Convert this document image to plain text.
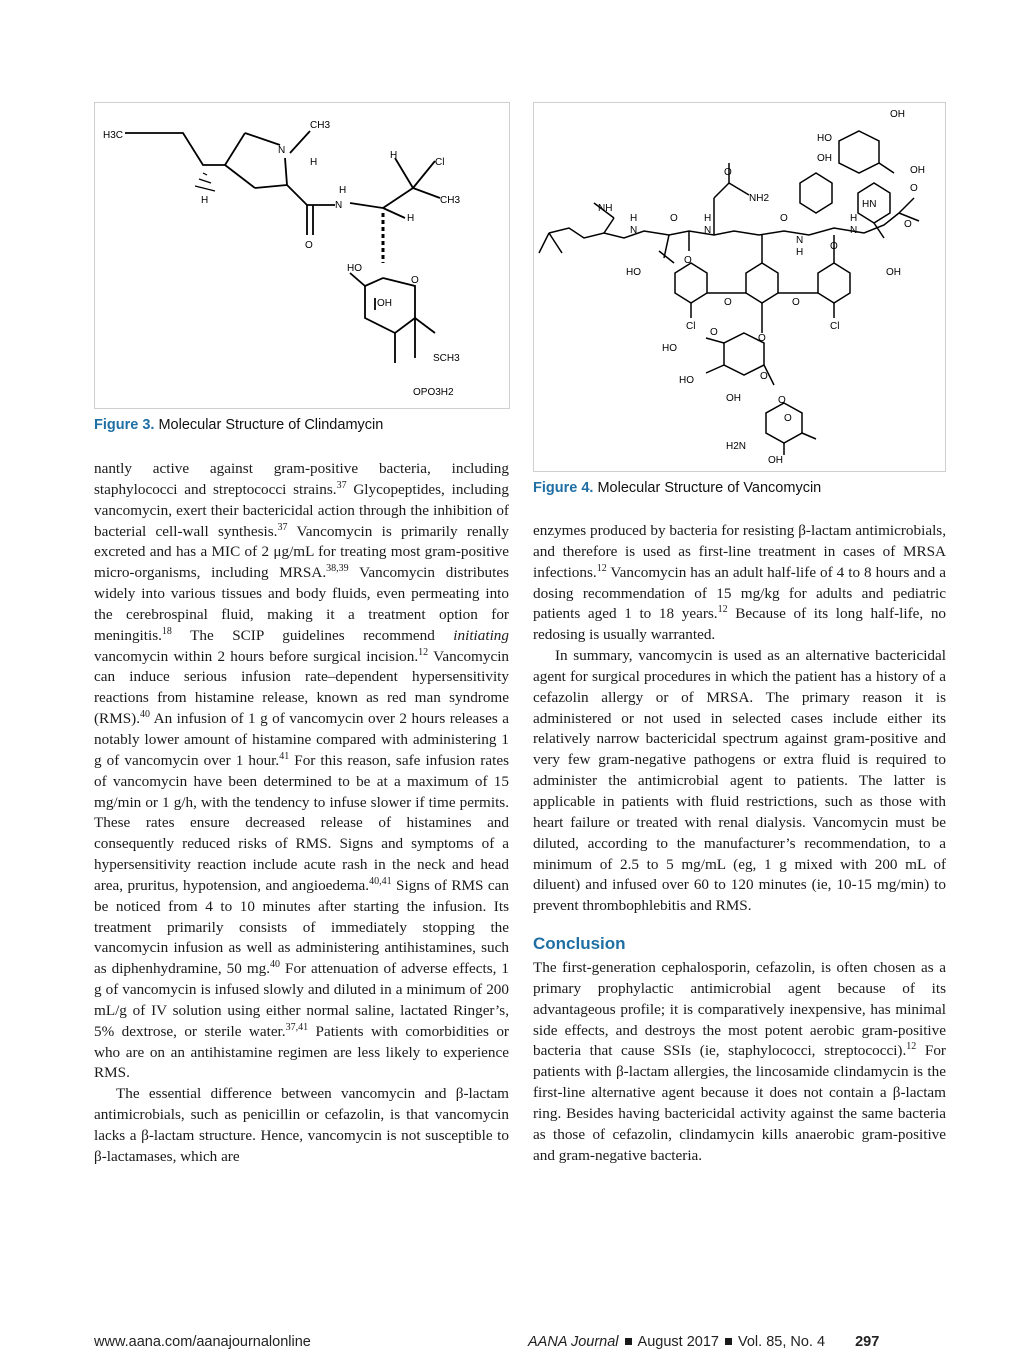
H3C
CH3
N
H
H
H
Cl
N
H
CH3
H
O
HO
O
OH
SCH3
OPO3H2
Figure 3. Molecular Structure of Clindamycin
OH
HO
OH
OH
O
O
NH2
HN
O
NH
H
N
O	H
N
O
N
H
O
N
H
O
HO	OH
O	O
O
Cl	Cl
HO
O
O
HO
O
OH
O
H2N
OH
Figure 4. Molecular Structure of Vancomycin

nantly active against gram-positive bacteria, including staphylococci and streptococci strains.$^{37}$ Glycopeptides, including vancomycin, exert their bactericidal action through the inhibition of bacterial cell-wall synthesis.$^{37}$ Vancomycin is primarily renally excreted and has a MIC of 2 μg/mL for treating most gram-positive micro-organisms, including MRSA.$^{38,39}$ Vancomycin distributes widely into various tissues and body fluids, even permeating into the cerebrospinal fluid, making it a treatment option for meningitis.$^{18}$ The SCIP guidelines recommend initiating vancomycin within 2 hours before surgical incision.$^{12}$ Vancomycin can induce serious infusion rate–dependent hypersensitivity reactions from histamine release, known as red man syndrome (RMS).$^{40}$ An infusion of 1 g of vancomycin over 2 hours releases a notably lower amount of histamine compared with administering 1 g of vancomycin over 1 hour.$^{41}$ For this reason, safe infusion rates of vancomycin have been determined to be at a maximum of 15 mg/min or 1 g/h, with the tendency to infuse slower if time permits. These rates ensure decreased release of histamines and consequently reduced risks of RMS. Signs and symptoms of a hypersensitivity reaction include acute rash in the neck and head area, pruritus, hypotension, and angioedema.$^{40,41}$ Signs of RMS can be noticed from 4 to 10 minutes after starting the infusion. Its treatment primarily consists of immediately stopping the vancomycin infusion as well as administering antihistamines, such as diphenhydramine, 50 mg.$^{40}$ For attenuation of adverse effects, 1 g of vancomycin is infused slowly and diluted in a minimum of 200 mL/g of IV solution using either normal saline, lactated Ringer’s, 5% dextrose, or sterile water.$^{37,41}$ Patients with comorbidities or who are on an antihistamine regimen are less likely to experience RMS.

The essential difference between vancomycin and β-lactam antimicrobials, such as penicillin or cefazolin, is that vancomycin lacks a β-lactam structure. Hence, vancomycin is not susceptible to β-lactamases, which are

enzymes produced by bacteria for resisting β-lactam antimicrobials, and therefore is used as first-line treatment in cases of MRSA infections.$^{12}$ Vancomycin has an adult half-life of 4 to 8 hours and a dosing recommendation of 15 mg/kg for adults and pediatric patients aged 1 to 18 years.$^{12}$ Because of its long half-life, no redosing is usually warranted.

In summary, vancomycin is used as an alternative bactericidal agent for surgical procedures in which the patient has a history of a cefazolin allergy or of MRSA. The primary reason it is administered or not used in selected cases include either its relatively narrow bactericidal spectrum against gram-positive and very few gram-negative pathogens or extra fluid is required to administer the antimicrobial agent to patients. The latter is applicable in patients with fluid restrictions, such as those with heart failure or treated with renal dialysis. Vancomycin must be diluted, according to the manufacturer’s recommendation, to a minimum of 2.5 to 5 mg/mL (eg, 1 g mixed with 200 mL of diluent) and infused over 60 to 120 minutes (ie, 10-15 mg/min) to prevent thrombophlebitis and RMS.

Conclusion

The first-generation cephalosporin, cefazolin, is often chosen as a primary prophylactic antimicrobial agent because of its advantageous profile; it is comparatively inexpensive, has minimal side effects, and destroys the most potent aerobic gram-positive bacteria that cause SSIs (ie, staphylococci, streptococci).$^{12}$ For patients with β-lactam allergies, the lincosamide clindamycin is the first-line alternative agent because it does not contain a β-lactam ring. Besides having bactericidal activity against the same bacteria as those of cefazolin, clindamycin kills anaerobic gram-positive and gram-negative bacteria.

www.aana.com/aanajournalonline	AANA Journal August 2017 Vol. 85, No. 4 297
